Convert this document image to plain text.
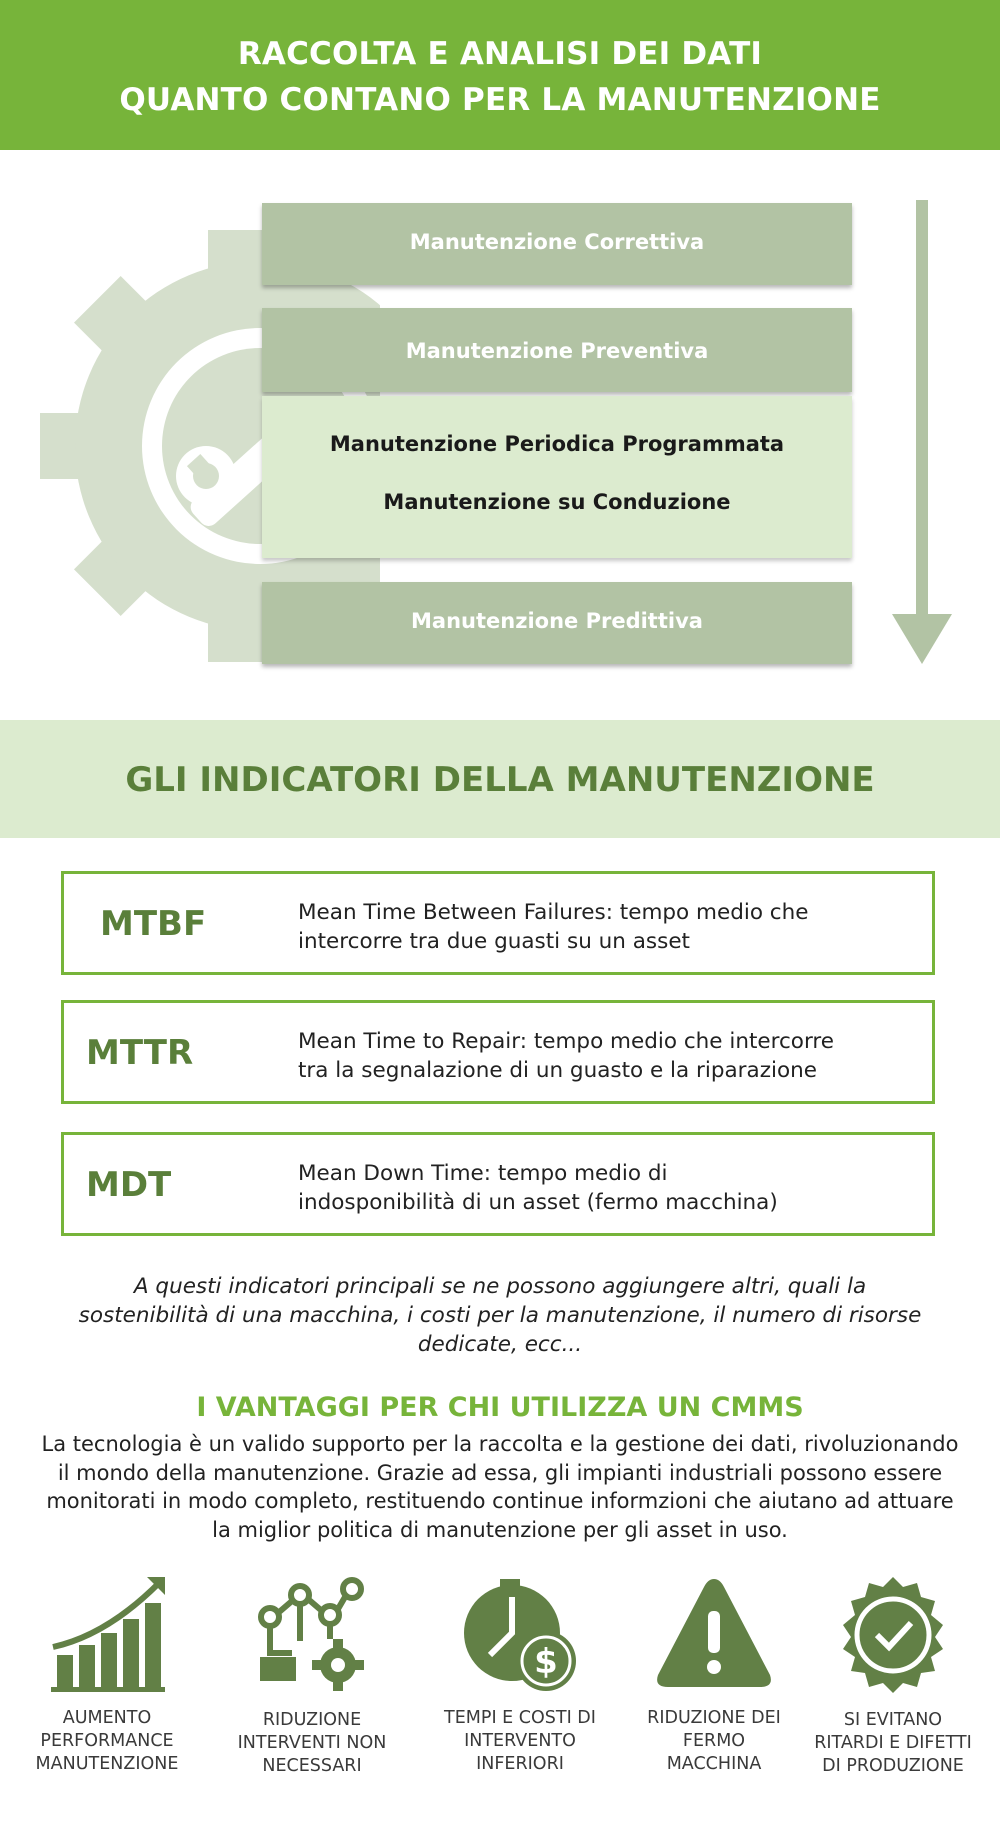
RACCOLTA E ANALISI DEI DATI
QUANTO CONTANO PER LA MANUTENZIONE
Manutenzione Correttiva
Manutenzione Preventiva
Manutenzione Periodica Programmata
Manutenzione su Conduzione
Manutenzione Predittiva
GLI INDICATORI DELLA MANUTENZIONE
MTBF	Mean Time Between Failures: tempo medio che
intercorre tra due guasti su un asset
MTTR	Mean Time to Repair: tempo medio che intercorre
tra la segnalazione di un guasto e la riparazione
MDT	Mean Down Time: tempo medio di
indosponibilità di un asset (fermo macchina)
A questi indicatori principali se ne possono aggiungere altri, quali la
sostenibilità di una macchina, i costi per la manutenzione, il numero di risorse
dedicate, ecc...
I VANTAGGI PER CHI UTILIZZA UN CMMS
La tecnologia è un valido supporto per la raccolta e la gestione dei dati, rivoluzionando
il mondo della manutenzione. Grazie ad essa, gli impianti industriali possono essere
monitorati in modo completo, restituendo continue informzioni che aiutano ad attuare
la miglior politica di manutenzione per gli asset in uso.
AUMENTO
PERFORMANCE
MANUTENZIONE
RIDUZIONE
INTERVENTI NON
NECESSARI
$
TEMPI E COSTI DI
INTERVENTO
INFERIORI
RIDUZIONE DEI
FERMO
MACCHINA
SI EVITANO
RITARDI E DIFETTI
DI PRODUZIONE
